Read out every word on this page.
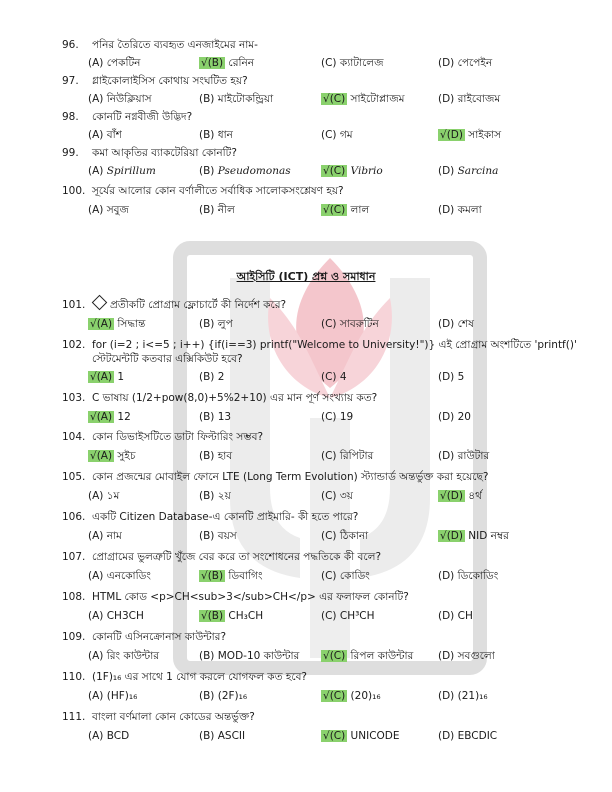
96. পনির তৈরিতে ব্যবহৃত এনজাইমের নাম-
(A) পেকটিন	√(B) রেনিন	(C) ক্যাটালেজ	(D) পেপেইন
97. গ্লাইকোলাইসিস কোথায় সংঘটিত হয়?
(A) নিউক্লিয়াস	(B) মাইটোকন্ড্রিয়া	√(C) সাইটোপ্লাজম	(D) রাইবোজম
98. কোনটি নগ্নবীজী উদ্ভিদ?
(A) বাঁশ	(B) ধান	(C) গম	√(D) সাইকাস
99. কমা আকৃতির ব্যাকটেরিয়া কোনটি?
(A) Spirillum	(B) Pseudomonas	√(C) Vibrio	(D) Sarcina
100. সূর্যের আলোর কোন বর্ণালীতে সর্বাধিক সালোকসংশ্লেষণ হয়?
(A) সবুজ	(B) নীল	√(C) লাল	(D) কমলা
101. প্রতীকটি প্রোগ্রাম ফ্লোচার্টে কী নির্দেশ করে?
√(A) সিদ্ধান্ত	(B) লুপ	(C) সাবরুটিন	(D) শেষ
102. for (i=2 ; i<=5 ; i++) {if(i==3) printf("Welcome to University!")} এই প্রোগ্রাম অংশটিতে 'printf()'
স্টেটমেন্টটি কতবার এক্সিকিউট হবে?
√(A) 1	(B) 2	(C) 4	(D) 5
103. C ভাষায় (1/2+pow(8,0)+5%2+10) এর মান পূর্ণ সংখ্যায় কত?
√(A) 12	(B) 13	(C) 19	(D) 20
104. কোন ডিভাইসটিতে ডাটা ফিল্টারিং সম্ভব?
√(A) সুইচ	(B) হাব	(C) রিপিটার	(D) রাউটার
105. কোন প্রজন্মের মোবাইল ফোনে LTE (Long Term Evolution) স্ট্যান্ডার্ড অন্তর্ভুক্ত করা হয়েছে?
(A) ১ম	(B) ২য়	(C) ৩য়	√(D) ৪র্থ
106. একটি Citizen Database-এ কোনটি প্রাইমারি- কী হতে পারে?
(A) নাম	(B) বয়স	(C) ঠিকানা	√(D) NID নম্বর
107. প্রোগ্রামের ভুলত্রুটি খুঁজে বের করে তা সংশোধনের পদ্ধতিকে কী বলে?
(A) এনকোডিং	√(B) ডিবাগিং	(C) কোডিং	(D) ডিকোডিং
108. HTML কোড <p>CH<sub>3</sub>CH</p> এর ফলাফল কোনটি?
(A) CH3CH	√(B) CH₃CH	(C) CH³CH	(D) CH
109. কোনটি এসিনক্রোনাস কাউন্টার?
(A) রিং কাউন্টার	(B) MOD-10 কাউন্টার √(C) রিপল কাউন্টার (D) সবগুলো
110. (1F)₁₆ এর সাথে 1 যোগ করলে যোগফল কত হবে?
(A) (HF)₁₆	(B) (2F)₁₆	√(C) (20)₁₆	(D) (21)₁₆
111. বাংলা বর্ণমালা কোন কোডের অন্তর্ভুক্ত?
(A) BCD	(B) ASCII	√(C) UNICODE	(D) EBCDIC
আইসিটি (ICT) প্রশ্ন ও সমাধান
